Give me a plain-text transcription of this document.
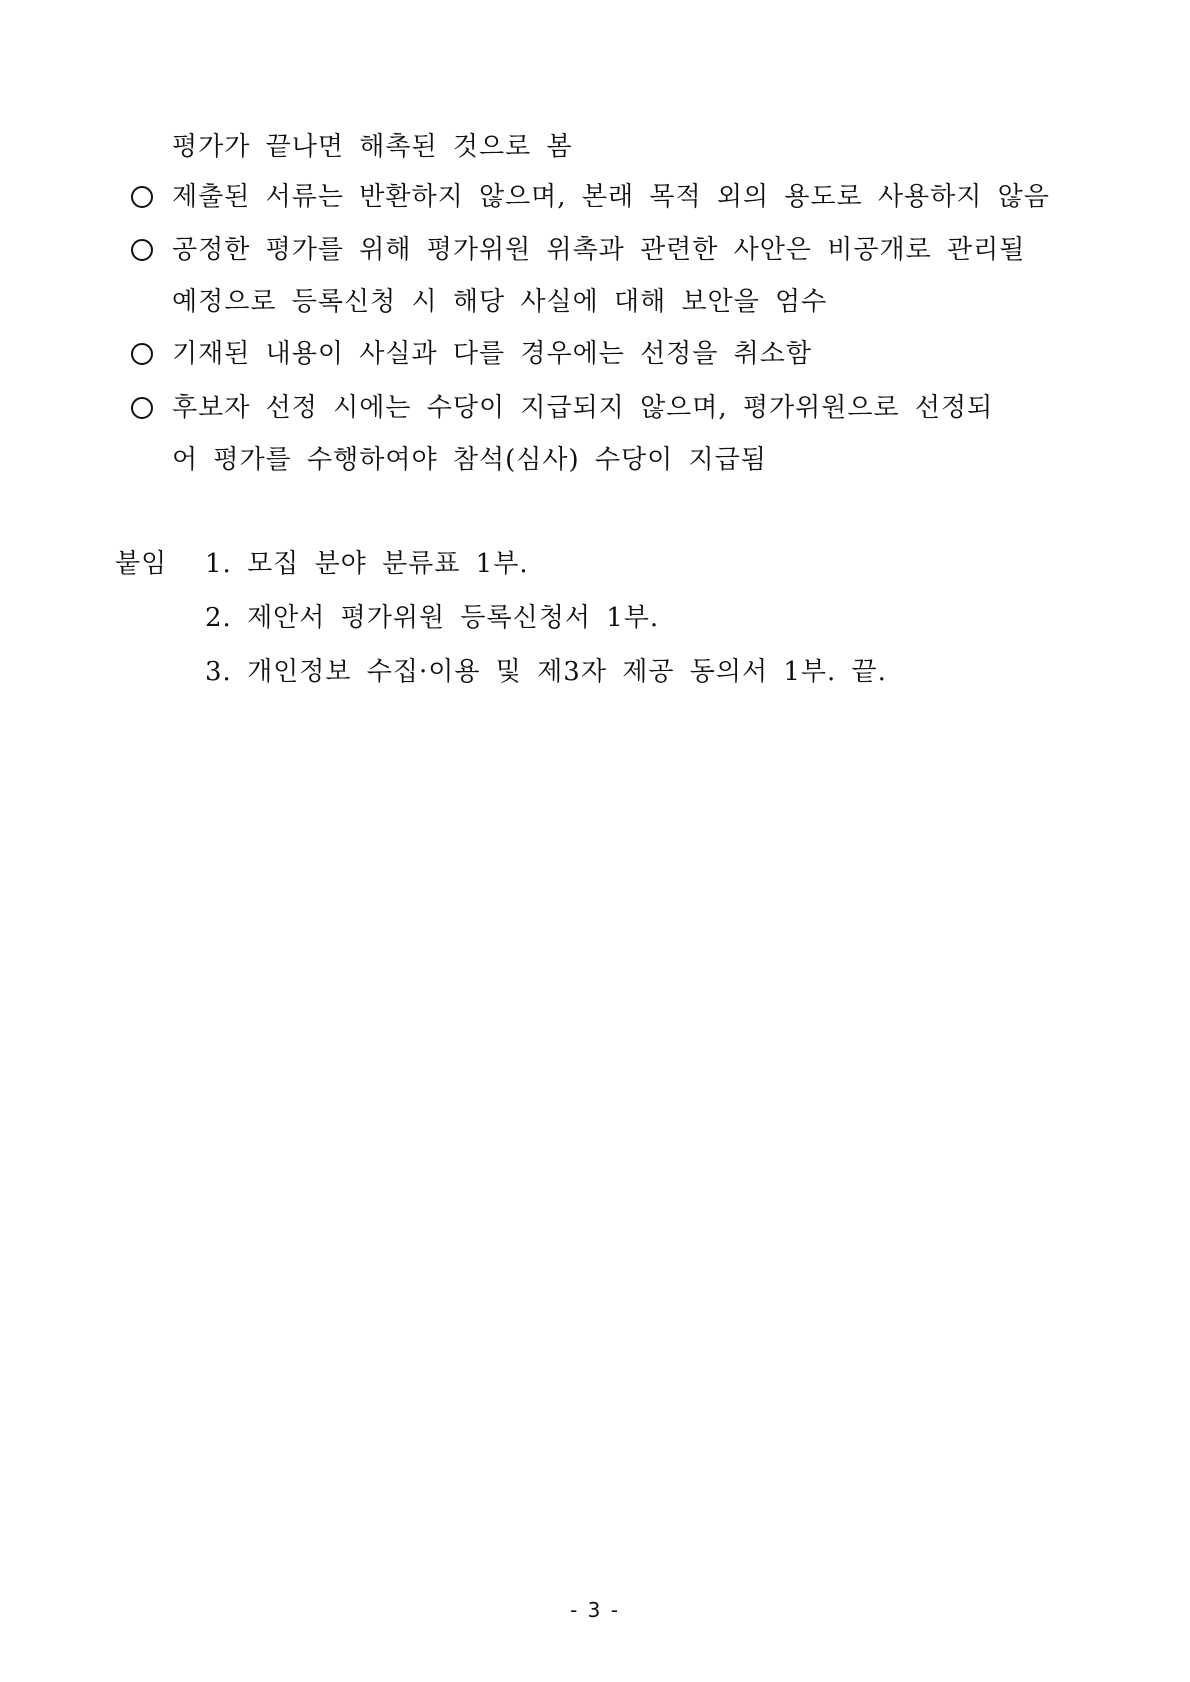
평가가 끝나면 해촉된 것으로 봄
제출된 서류는 반환하지 않으며, 본래 목적 외의 용도로 사용하지 않음
공정한 평가를 위해 평가위원 위촉과 관련한 사안은 비공개로 관리될
예정으로 등록신청 시 해당 사실에 대해 보안을 엄수
기재된 내용이 사실과 다를 경우에는 선정을 취소함
후보자 선정 시에는 수당이 지급되지 않으며, 평가위원으로 선정되
어 평가를 수행하여야 참석(심사) 수당이 지급됨
붙임 1. 모집 분야 분류표 1부.
2. 제안서 평가위원 등록신청서 1부.
3. 개인정보 수집·이용 및 제3자 제공 동의서 1부. 끝.
- 3 -
